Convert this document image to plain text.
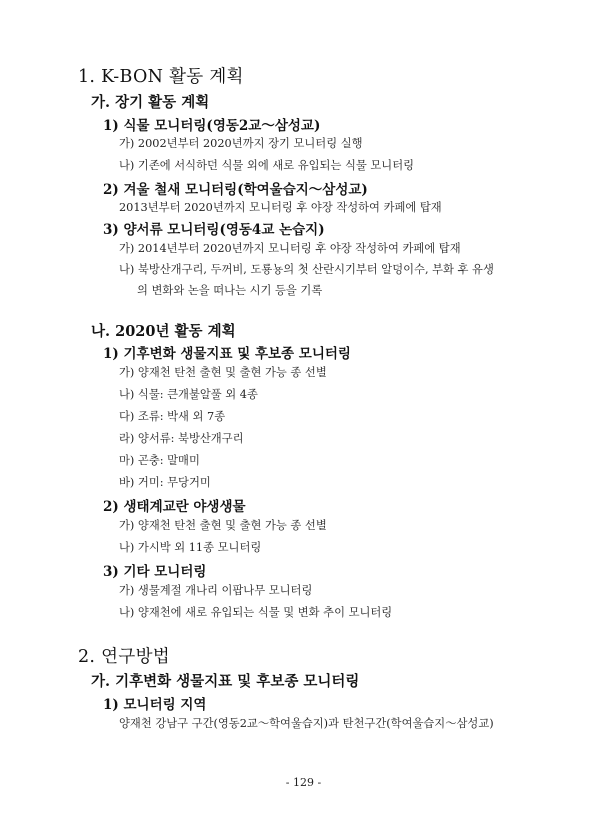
1. K-BON 활동 계획
가. 장기 활동 계획
1) 식물 모니터링(영동2교～삼성교)
가) 2002년부터 2020년까지 장기 모니터링 실행
나) 기존에 서식하던 식물 외에 새로 유입되는 식물 모니터링
2) 겨울 철새 모니터링(학여울습지～삼성교)
2013년부터 2020년까지 모니터링 후 야장 작성하여 카페에 탑재
3) 양서류 모니터링(영동4교 논습지)
가) 2014년부터 2020년까지 모니터링 후 야장 작성하여 카페에 탑재
나) 북방산개구리, 두꺼비, 도룡뇽의 첫 산란시기부터 알덩이수, 부화 후 유생
의 변화와 논을 떠나는 시기 등을 기록
나. 2020년 활동 계획
1) 기후변화 생물지표 및 후보종 모니터링
가) 양재천 탄천 출현 및 출현 가능 종 선별
나) 식물: 큰개불알풀 외 4종
다) 조류: 박새 외 7종
라) 양서류: 북방산개구리
마) 곤충: 말매미
바) 거미: 무당거미
2) 생태계교란 야생생물
가) 양재천 탄천 출현 및 출현 가능 종 선별
나) 가시박 외 11종 모니터링
3) 기타 모니터링
가) 생물계절 개나리 이팝나무 모니터링
나) 양재천에 새로 유입되는 식물 및 변화 추이 모니터링
2. 연구방법
가. 기후변화 생물지표 및 후보종 모니터링
1) 모니터링 지역
양재천 강남구 구간(영동2교～학여울습지)과 탄천구간(학여울습지～삼성교)
- 129 -
